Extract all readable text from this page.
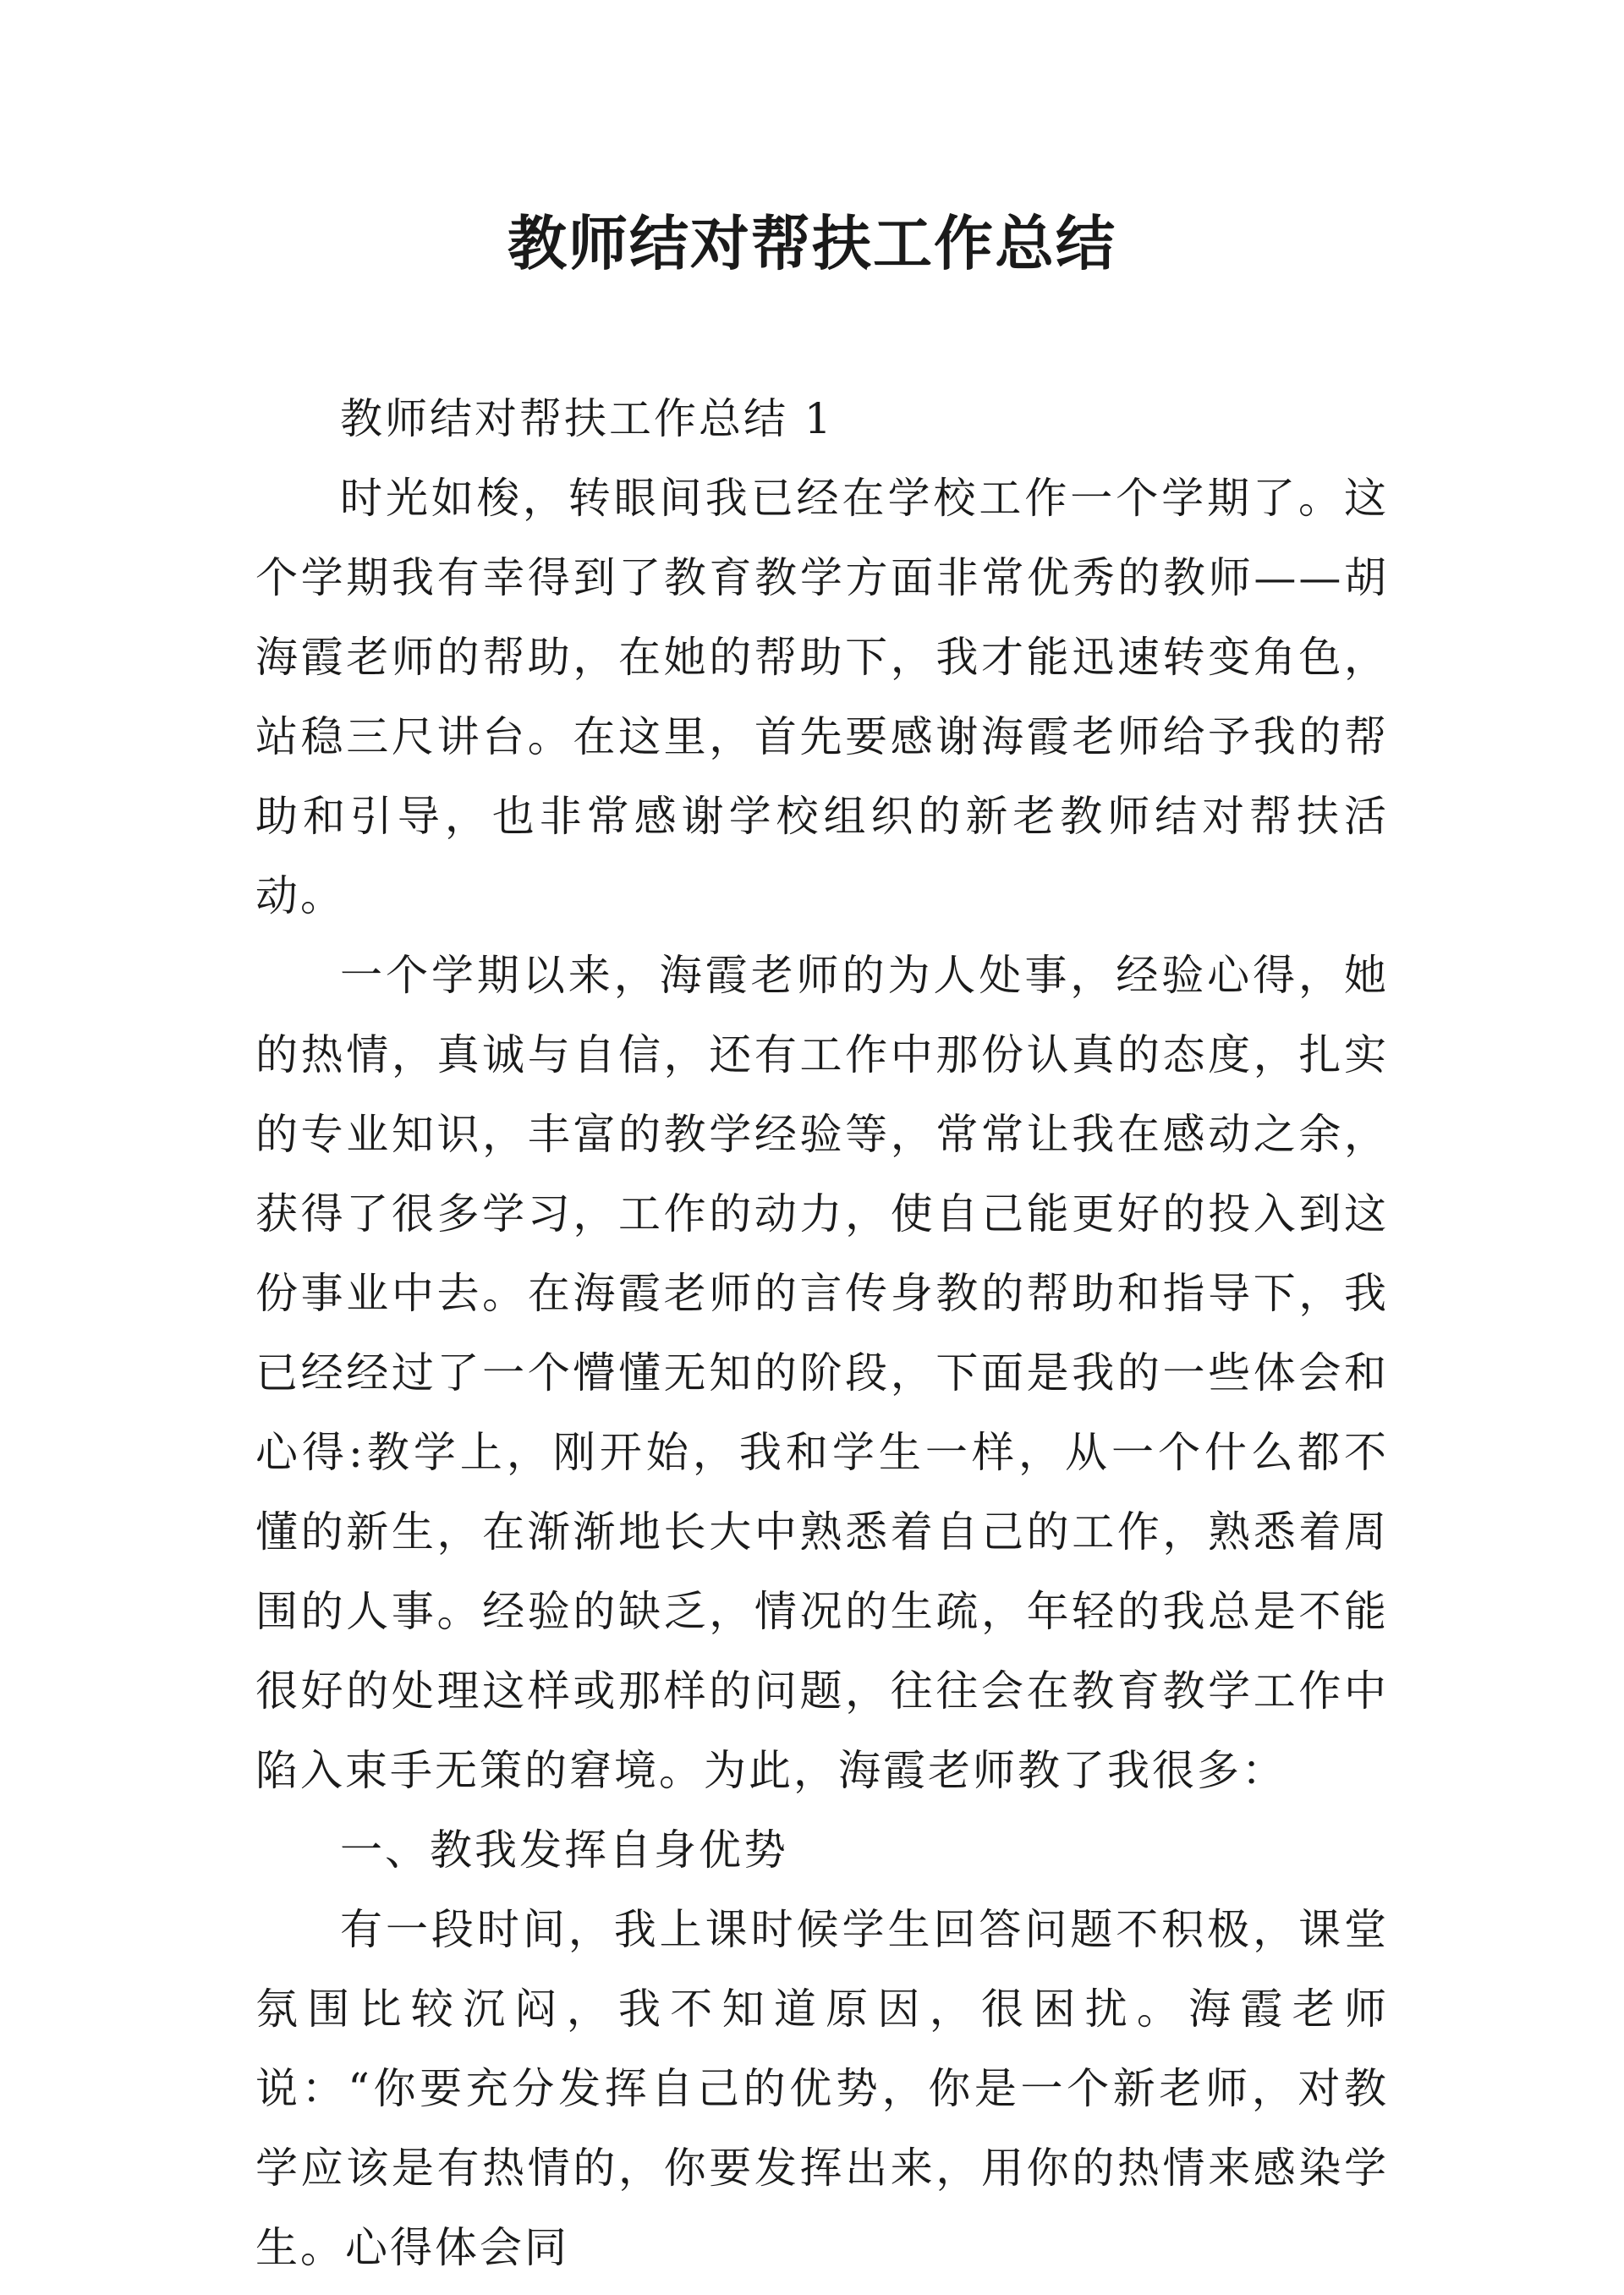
教师结对帮扶工作总结

教师结对帮扶工作总结 1

时光如梭，转眼间我已经在学校工作一个学期了。这个学期我有幸得到了教育教学方面非常优秀的教师——胡海霞老师的帮助，在她的帮助下，我才能迅速转变角色，站稳三尺讲台。在这里，首先要感谢海霞老师给予我的帮助和引导，也非常感谢学校组织的新老教师结对帮扶活动。

一个学期以来，海霞老师的为人处事，经验心得，她的热情，真诚与自信，还有工作中那份认真的态度，扎实的专业知识，丰富的教学经验等，常常让我在感动之余，获得了很多学习，工作的动力，使自己能更好的投入到这份事业中去。在海霞老师的言传身教的帮助和指导下，我已经经过了一个懵懂无知的阶段，下面是我的一些体会和心得:教学上，刚开始，我和学生一样，从一个什么都不懂的新生，在渐渐地长大中熟悉着自己的工作，熟悉着周围的人事。经验的缺乏，情况的生疏，年轻的我总是不能很好的处理这样或那样的问题，往往会在教育教学工作中陷入束手无策的窘境。为此，海霞老师教了我很多：

一、教我发挥自身优势

有一段时间，我上课时候学生回答问题不积极，课堂氛围比较沉闷，我不知道原因，很困扰。海霞老师说：“你要充分发挥自己的优势，你是一个新老师，对教学应该是有热情的，你要发挥出来，用你的热情来感染学生。心得体会同
